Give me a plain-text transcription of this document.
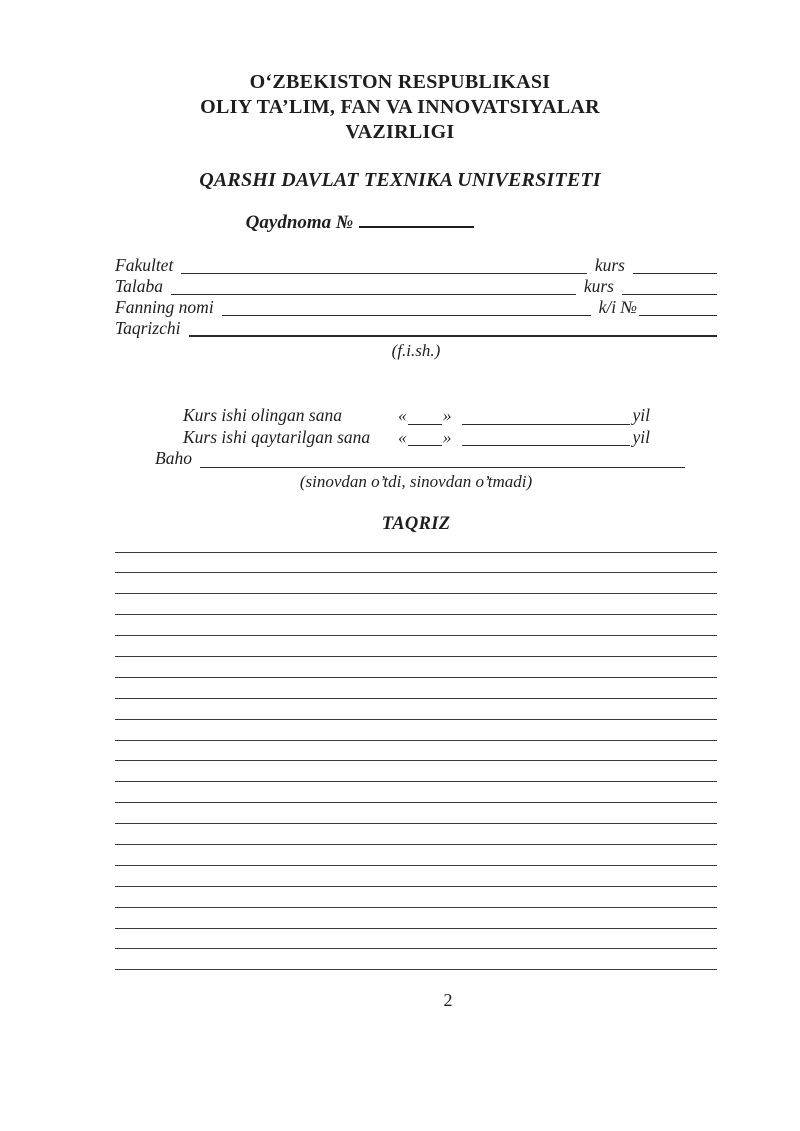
OʻZBEKISTON RESPUBLIKASI
OLIY TA’LIM, FAN VA INNOVATSIYALAR
VAZIRLIGI
QARSHI DAVLAT TEXNIKA UNIVERSITETI
Qaydnoma №
Fakultet	kurs
Talaba	kurs
Fanning nomi	k/i №
Taqrizchi
(f.i.sh.)
Kurs ishi olingan sana	« »	yil
Kurs ishi qaytarilgan sana	« »	yil
Baho
(sinovdan o’tdi, sinovdan o’tmadi)
TAQRIZ
2
